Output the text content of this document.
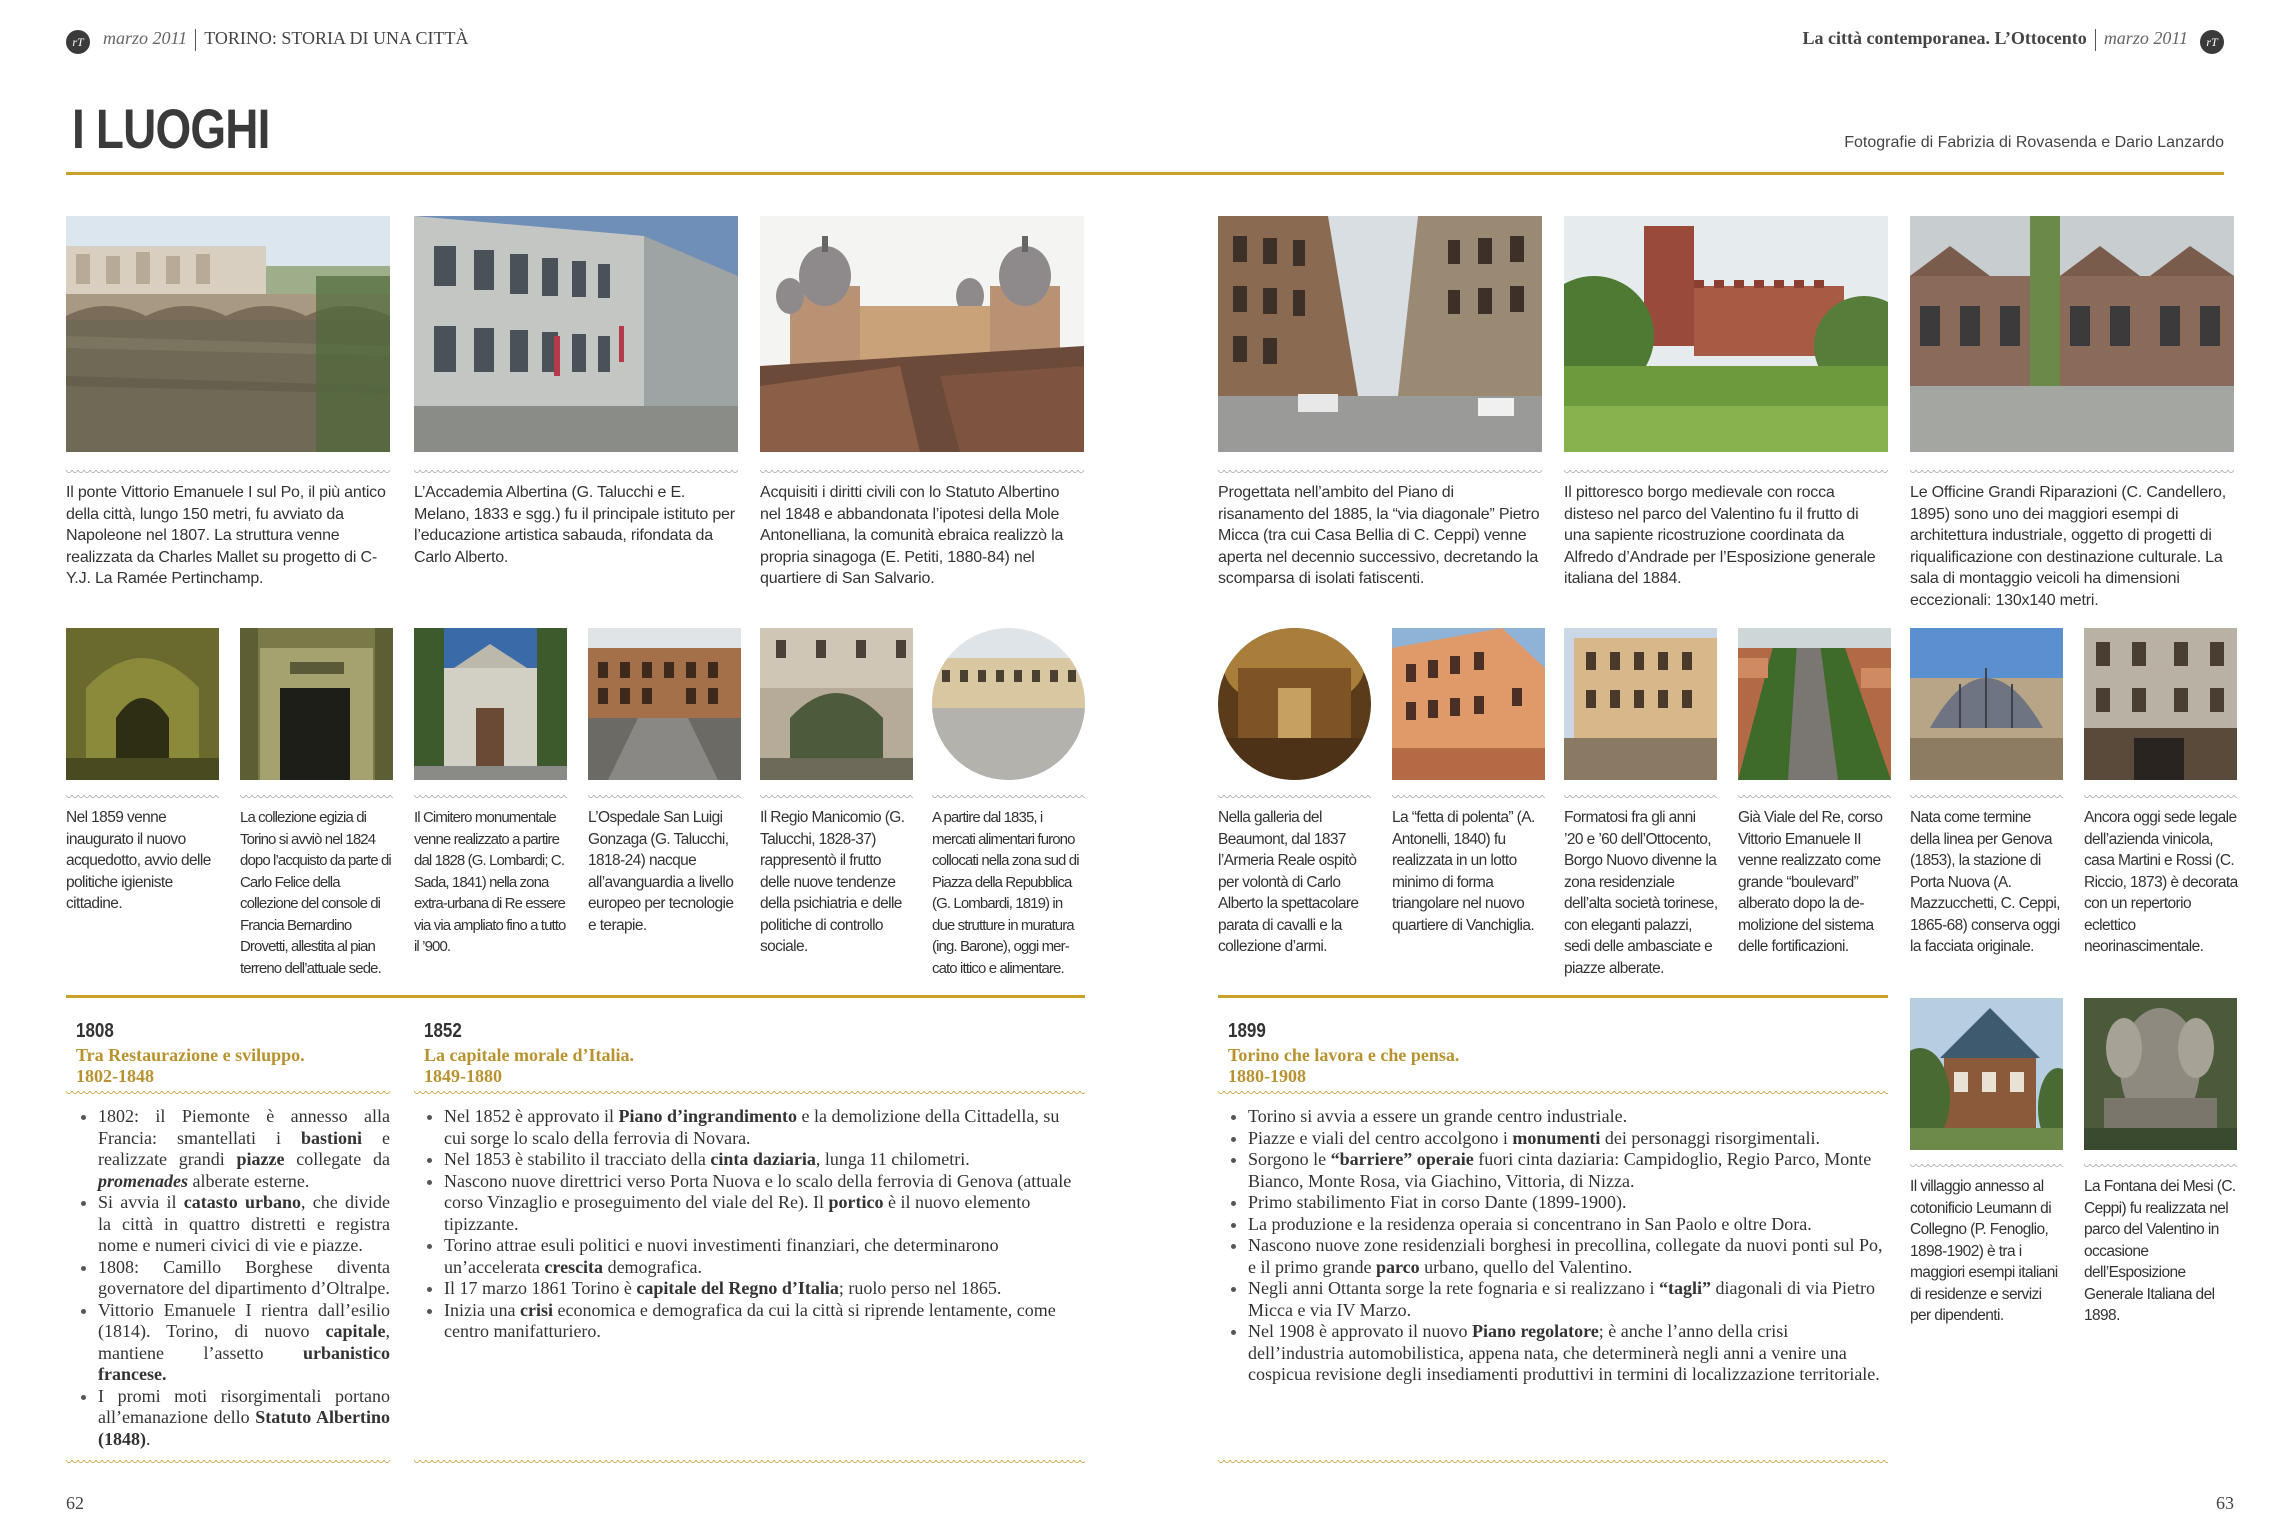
rT	marzo 2011 TORINO: STORIA DI UNA CITTÀ	La città contemporanea. L’Ottocento marzo 2011	rT
I LUOGHI	Fotografie di Fabrizia di Rovasenda e Dario Lanzardo
Il ponte Vittorio Emanuele I sul Po, il più antico della città, lungo 150 metri, fu avviato da Napoleone nel 1807. La struttura venne realizzata da Charles Mallet su progetto di C-Y.J. La Ramée Pertinchamp.
L’Accademia Albertina (G. Talucchi e E. Melano, 1833 e sgg.) fu il principale istituto per l’educazione artistica sabauda, rifondata da Carlo Alberto.
Acquisiti i diritti civili con lo Statuto Albertino nel 1848 e abbandonata l’ipotesi della Mole Antonelliana, la comunità ebraica realizzò la propria sinagoga (E. Petiti, 1880-84) nel quartiere di San Salvario.
Progettata nell’ambito del Piano di risanamento del 1885, la “via diagonale” Pietro Micca (tra cui Casa Bellia di C. Ceppi) venne aperta nel decennio successivo, decretando la scomparsa di isolati fatiscenti.
Il pittoresco borgo medievale con rocca disteso nel parco del Valentino fu il frutto di una sapiente ricostruzione coordinata da Alfredo d’Andrade per l’Esposizione generale italiana del 1884.
Le Officine Grandi Riparazioni (C. Candellero, 1895) sono uno dei maggiori esempi di architettura industriale, oggetto di progetti di riqualificazione con destinazione culturale. La sala di montaggio veicoli ha dimensioni eccezionali: 130x140 metri.
Nel 1859 venne inaugurato il nuovo acquedotto, avvio delle politiche igieniste cittadine.
La collezione egizia di Torino si avviò nel 1824 dopo l’acquisto da parte di Carlo Felice della collezione del console di Francia Bernardino Drovetti, allestita al pian terreno dell’attuale sede.
Il Cimitero monumentale venne realizzato a partire dal 1828 (G. Lombardi; C. Sada, 1841) nella zona extra-urbana di Re essere via via ampliato fino a tutto il ’900.
L’Ospedale San Luigi Gonzaga (G. Talucchi, 1818-24) nacque all’avanguardia a livello europeo per tecnologie e terapie.
Il Regio Manicomio (G. Talucchi, 1828-37) rappresentò il frutto delle nuove tendenze della psichiatria e delle politiche di controllo sociale.
A partire dal 1835, i mercati alimentari furono collocati nella zona sud di Piazza della Repubblica (G. Lombardi, 1819) in due strutture in muratura (ing. Barone), oggi mercato ittico e alimentare.
Nella galleria del Beaumont, dal 1837 l’Armeria Reale ospitò per volontà di Carlo Alberto la spettacolare parata di cavalli e la collezione d’armi.
La “fetta di polenta” (A. Antonelli, 1840) fu realizzata in un lotto minimo di forma triangolare nel nuovo quartiere di Vanchiglia.
Formatosi fra gli anni ’20 e ’60 dell’Ottocento, Borgo Nuovo divenne la zona residenziale dell’alta società torinese, con eleganti palazzi, sedi delle ambasciate e piazze alberate.
Già Viale del Re, corso Vittorio Emanuele II venne realizzato come grande “boulevard” alberato dopo la demolizione del sistema delle fortificazioni.
Nata come termine della linea per Genova (1853), la stazione di Porta Nuova (A. Mazzucchetti, C. Ceppi, 1865-68) conserva oggi la facciata originale.
Ancora oggi sede legale dell’azienda vinicola, casa Martini e Rossi (C. Riccio, 1873) è decorata con un repertorio eclettico neorinascimentale.
Il villaggio annesso al cotonificio Leumann di Collegno (P. Fenoglio, 1898-1902) è tra i maggiori esempi italiani di residenze e servizi per dipendenti.
La Fontana dei Mesi (C. Ceppi) fu realizzata nel parco del Valentino in occasione dell’Esposizione Generale Italiana del 1898.
1808
Tra Restaurazione e sviluppo.
1802-1848
• 1802: il Piemonte è annesso alla Francia: smantellati i bastioni e realizzate grandi piazze collegate da promenades alberate esterne.
• Si avvia il catasto urbano, che divide la città in quattro distretti e registra nome e numeri civici di vie e piazze.
• 1808: Camillo Borghese diventa governatore del dipartimento d’Oltralpe.
• Vittorio Emanuele I rientra dall’esilio (1814). Torino, di nuovo capitale, mantiene l’assetto urbanistico francese.
• I promi moti risorgimentali portano all’emanazione dello Statuto Albertino (1848).
1852
La capitale morale d’Italia.
1849-1880
• Nel 1852 è approvato il Piano d’ingrandimento e la demolizione della Cittadella, su cui sorge lo scalo della ferrovia di Novara.
• Nel 1853 è stabilito il tracciato della cinta daziaria, lunga 11 chilometri.
• Nascono nuove direttrici verso Porta Nuova e lo scalo della ferrovia di Genova (attuale corso Vinzaglio e proseguimento del viale del Re). Il portico è il nuovo elemento tipizzante.
• Torino attrae esuli politici e nuovi investimenti finanziari, che determinarono un’accelerata crescita demografica.
• Il 17 marzo 1861 Torino è capitale del Regno d’Italia; ruolo perso nel 1865.
• Inizia una crisi economica e demografica da cui la città si riprende lentamente, come centro manifatturiero.
1899
Torino che lavora e che pensa.
1880-1908
• Torino si avvia a essere un grande centro industriale.
• Piazze e viali del centro accolgono i monumenti dei personaggi risorgimentali.
• Sorgono le “barriere” operaie fuori cinta daziaria: Campidoglio, Regio Parco, Monte Bianco, Monte Rosa, via Giachino, Vittoria, di Nizza.
• Primo stabilimento Fiat in corso Dante (1899-1900).
• La produzione e la residenza operaia si concentrano in San Paolo e oltre Dora.
• Nascono nuove zone residenziali borghesi in precollina, collegate da nuovi ponti sul Po, e il primo grande parco urbano, quello del Valentino.
• Negli anni Ottanta sorge la rete fognaria e si realizzano i “tagli” diagonali di via Pietro Micca e via IV Marzo.
• Nel 1908 è approvato il nuovo Piano regolatore; è anche l’anno della crisi dell’industria automobilistica, appena nata, che determinerà negli anni a venire una cospicua revisione degli insediamenti produttivi in termini di localizzazione territoriale.
62	63
